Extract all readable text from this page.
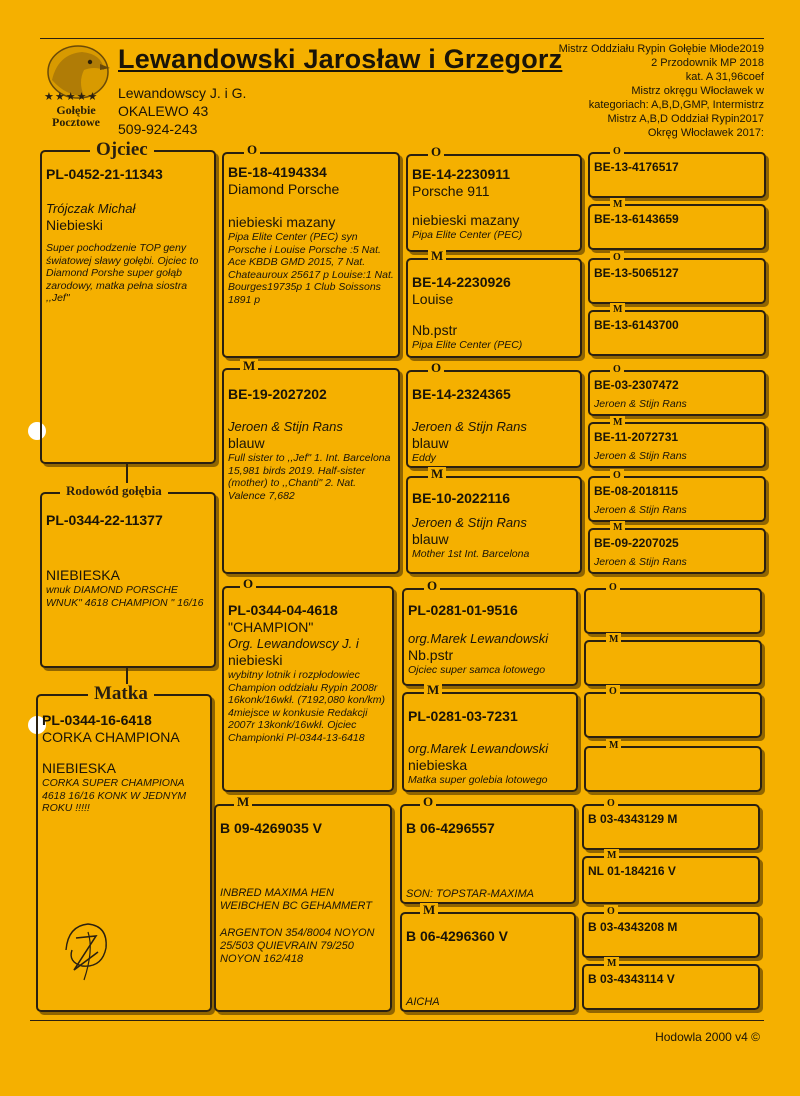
★★★★★
Gołębie
Pocztowe
Lewandowski Jarosław i Grzegorz
Lewandowscy J. i G.
OKALEWO 43
509-924-243
Mistrz Oddziału Rypin Gołębie Młode2019
2 Przodownik MP 2018
kat. A 31,96coef
Mistrz okręgu Włocławek w
kategoriach: A,B,D,GMP, Intermistrz
Mistrz A,B,D Oddział Rypin2017
Okręg Włocławek 2017:
PL-0452-21-11343
Trójczak Michał
Niebieski
Super pochodzenie TOP geny światowej sławy gołębi. Ojciec to Diamond Porshe super gołąb zarodowy, matka pełna siostra ,,Jef"
Ojciec
PL-0344-22-11377
NIEBIESKA
wnuk DIAMOND PORSCHE WNUK" 4618 CHAMPION " 16/16
Rodowód gołębia
PL-0344-16-6418
CORKA CHAMPIONA
NIEBIESKA
CORKA SUPER CHAMPIONA 4618 16/16 KONK W JEDNYM ROKU !!!!!
Matka
BE-18-4194334
Diamond Porsche
niebieski mazany
Pipa Elite Center (PEC) syn Porsche i Louise Porsche :5 Nat. Ace KBDB GMD 2015, 7 Nat. Chateauroux 25617 p Louise:1 Nat. Bourges19735p 1 Club Soissons 1891 p
O
BE-19-2027202
Jeroen & Stijn Rans
blauw
Full sister to ,,Jef" 1. Int. Barcelona 15,981 birds 2019. Half-sister (mother) to ,,Chanti" 2. Nat. Valence 7,682
M
PL-0344-04-4618
"CHAMPION"
Org. Lewandowscy J. i
niebieski
wybitny lotnik i rozpłodowiec Champion oddziału Rypin 2008r 16konk/16wkł. (7192,080 kon/km) 4miejsce w konkusie Redakcji 2007r 13konk/16wkł. Ojciec Championki Pl-0344-13-6418
O
B 09-4269035 V
INBRED MAXIMA HEN WEIBCHEN BC GEHAMMERT
ARGENTON 354/8004 NOYON 25/503 QUIEVRAIN 79/250 NOYON 162/418
M
BE-14-2230911
Porsche 911
niebieski mazany
Pipa Elite Center (PEC)
O
BE-14-2230926
Louise
Nb.pstr
Pipa Elite Center (PEC)
M
BE-14-2324365
Jeroen & Stijn Rans
blauw
Eddy
O
BE-10-2022116
Jeroen & Stijn Rans
blauw
Mother 1st Int. Barcelona
M
PL-0281-01-9516
org.Marek Lewandowski
Nb.pstr
Ojciec super samca lotowego
O
PL-0281-03-7231
org.Marek Lewandowski
niebieska
Matka super golebia lotowego
M
B 06-4296557
SON: TOPSTAR-MAXIMA
O
B 06-4296360 V
AICHA
M
BE-13-4176517
BE-13-6143659
BE-13-5065127
BE-13-6143700
O
M
O
M
BE-03-2307472
Jeroen & Stijn Rans
BE-11-2072731
Jeroen & Stijn Rans
BE-08-2018115
Jeroen & Stijn Rans
BE-09-2207025
Jeroen & Stijn Rans
O
M
O
M
O
M
O
M
B 03-4343129 M
NL 01-184216 V
B 03-4343208 M
B 03-4343114 V
O
M
O
M
Hodowla 2000 v4 ©
